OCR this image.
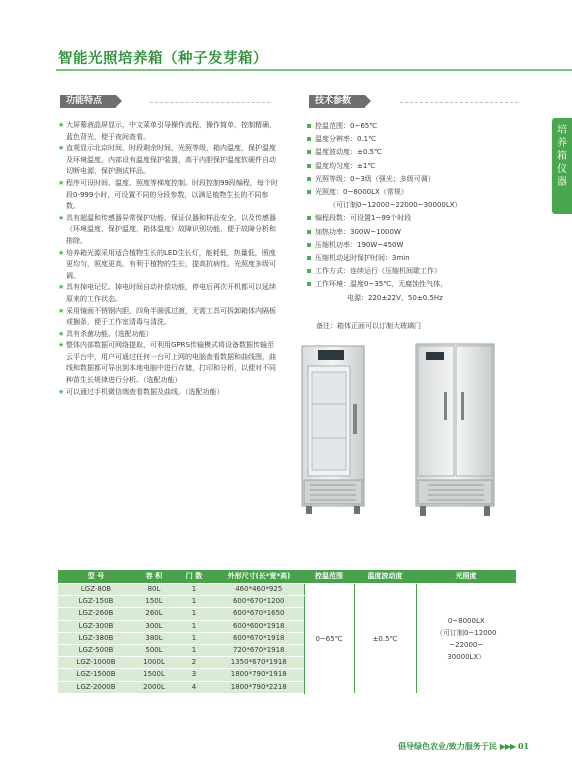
智能光照培养箱（种子发芽箱）
功能特点	技术参数
培
养
箱
仪
器
★ 大屏幕液晶屏显示，中文菜单引导操作流程，操作简单，控制精确，蓝色背光，便于夜间查看。
★ 直观显示北京时间，时段剩余时间，光照等级，箱内温度，保护温度及环境温度。内部设有温度保护装置，高于内胆保护温度软硬件自动切断电源，保护测试样品。
★ 程序可设时间、温度、照度等梯度控制。时段控制99段编程，每个时段0-999小时，可设置不同的分段参数，以满足植物生长的不同参数。
★ 具有超温和传感器异常保护功能，保证仪器和样品安全，以及传感器（环境温度，保护温度，箱体温度）故障识别功能，便于故障分析和排除。
★ 培养箱光源采用适合植物生长的LED生长灯，能耗低，热量低，照度更均匀，照度更高，有利于植物的生长，提高抗病性。光照度多级可调。
★ 具有掉电记忆、掉电时间自动补偿功能，停电后再次开机都可以延续原来的工作状态。
★ 采用镜面不锈钢内胆，四角半圆弧过渡，无需工具可拆卸箱体内隔板或搁条，便于工作室清毒与清洗。
★ 具有杀菌功能。(选配功能）
★ 整体内部数据可网络提取，可利用GPRS传输模式将设备数据传输至云平台中，用户可通过任何一台可上网的电脑查看数据和曲线图，曲线和数据都可导出到本地电脑中进行存储，打印和分析，以便对不同种苗生长规律进行分析。（选配功能）
★ 可以通过手机微信端查看数据及曲线。（选配功能）
控温范围：0~65℃
温度分辨率：0.1℃
温度波动度：±0.5℃
温度均匀度：±1℃
光照等级：0~3级（强光；多级可调）
光照度：0~8000LX（常规）
（可订制0~12000~22000~30000LX）
编程段数：可设置1~99个时段
加热功率：300W~1000W
压缩机功率：190W~450W
压缩机动延时保护时间：3min
工作方式：连续运行（压缩机间歇工作）
工作环境：温度0~35℃，无腐蚀性气体，
电源：220±22V、50±0.5Hz
备注：箱体正面可以订制大玻璃门
型 号	容 积	门 数	外形尺寸(长*宽*高)	控温范围	温度波动度	光照度
LGZ-80B	80L	1	460*460*925	0~65℃	±0.5℃	0~8000LX
（可订制0~12000
~22000~
30000LX）

LGZ-150B	150L	1	600*670*1200			
LGZ-260B	260L	1	600*670*1650			
LGZ-300B	300L	1	600*600*1918			
LGZ-380B	380L	1	600*670*1918			
LGZ-500B	500L	1	720*670*1918			
LGZ-1000B	1000L	2	1350*670*1918			
LGZ-1500B	1500L	3	1800*790*1918			
LGZ-2000B	2000L	4	1800*790*2218			
倡导绿色农业/致力服务于民 ▶▶▶ 01
